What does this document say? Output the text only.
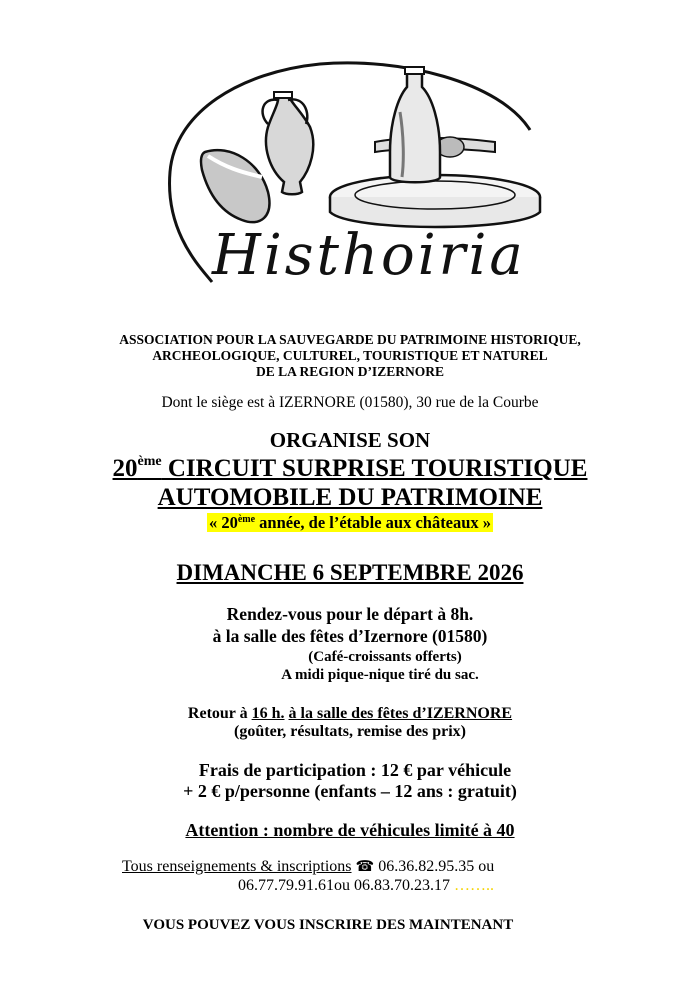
Histhoiria
ASSOCIATION POUR LA SAUVEGARDE DU PATRIMOINE HISTORIQUE,
ARCHEOLOGIQUE, CULTUREL, TOURISTIQUE ET NATUREL
DE LA REGION D’IZERNORE
Dont le siège est à IZERNORE (01580), 30 rue de la Courbe
ORGANISE SON
20ème CIRCUIT SURPRISE TOURISTIQUE
AUTOMOBILE DU PATRIMOINE
« 20ème année, de l’étable aux châteaux »
DIMANCHE 6 SEPTEMBRE 2026
Rendez-vous pour le départ à 8h.
à la salle des fêtes d’Izernore (01580)
(Café-croissants offerts)
A midi pique-nique tiré du sac.
Retour à 16 h. à la salle des fêtes d’IZERNORE
(goûter, résultats, remise des prix)
Frais de participation : 12 € par véhicule
+ 2 € p/personne (enfants – 12 ans : gratuit)
Attention : nombre de véhicules limité à 40
Tous renseignements & inscriptions ☎ 06.36.82.95.35 ou
06.77.79.91.61ou 06.83.70.23.17 ……..
VOUS POUVEZ VOUS INSCRIRE DES MAINTENANT
